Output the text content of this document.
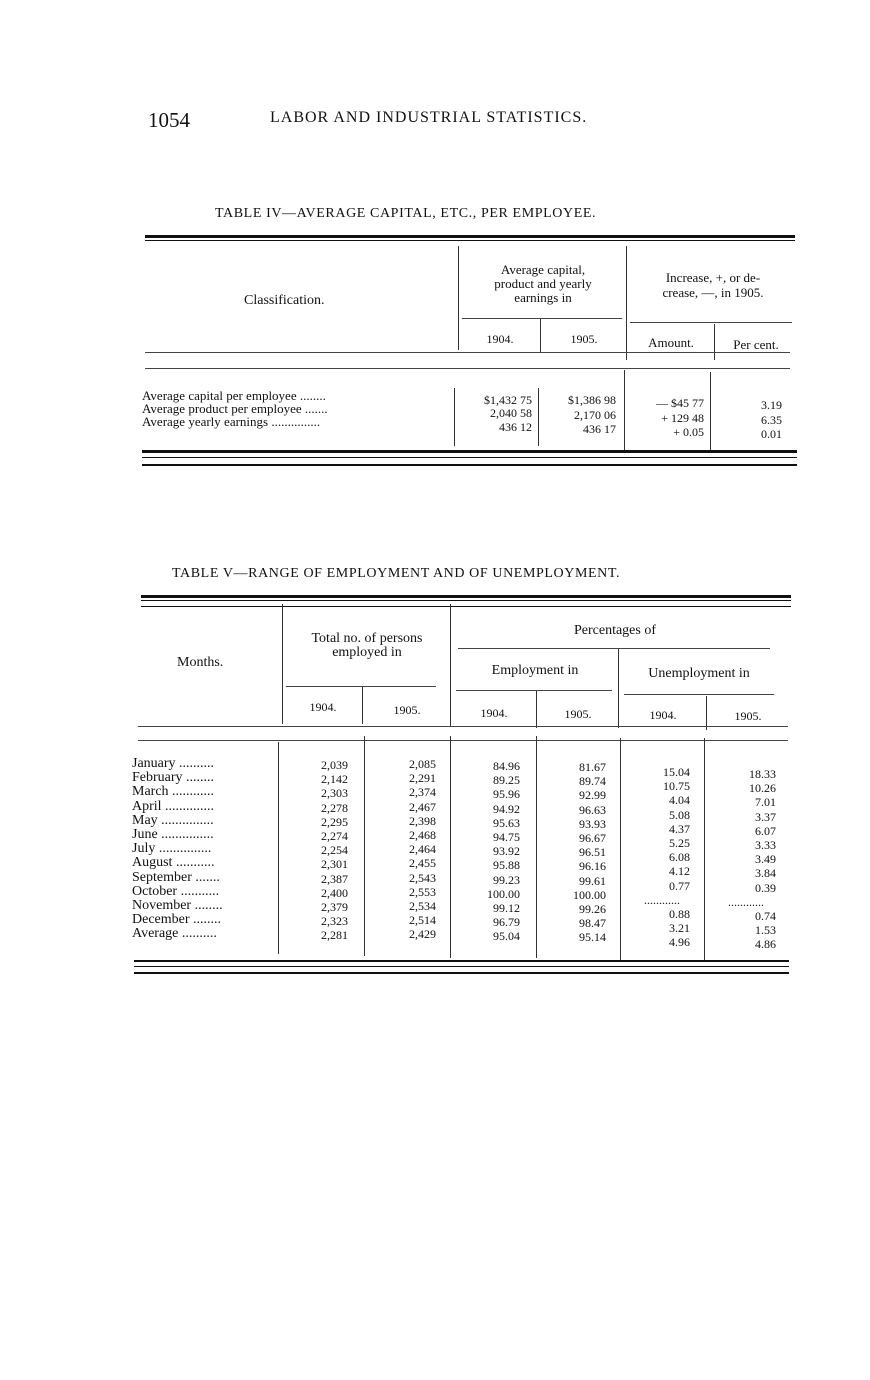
1054	LABOR AND INDUSTRIAL STATISTICS.
TABLE IV—AVERAGE CAPITAL, ETC., PER EMPLOYEE.
Classification.
Average capital,
product and yearly
earnings in
Increase, +, or de-
crease, —, in 1905.
1904.	1905.	Amount.	Per cent.
Average capital per employee ........	$1,432 75	$1,386 98	— $45 77	3.19
Average product per employee .......	2,040 58	2,170 06	+ 129 48	6.35
Average yearly earnings ...............	436 12	436 17	+ 0.05	0.01
TABLE V—RANGE OF EMPLOYMENT AND OF UNEMPLOYMENT.
Months.
Total no. of persons
employed in
Percentages of
Employment in	Unemployment in
1904.	1905.	1904.	1905.	1904.	1905.
January ..........	2,039	2,085	84.96	81.67	15.04	18.33
February ........	2,142	2,291	89.25	89.74	10.75	10.26
March ............	2,303	2,374	95.96	92.99	4.04	7.01
April ..............	2,278	2,467	94.92	96.63	5.08	3.37
May ...............	2,295	2,398	95.63	93.93	4.37	6.07
June ...............	2,274	2,468	94.75	96.67	5.25	3.33
July ...............	2,254	2,464	93.92	96.51	6.08	3.49
August ...........	2,301	2,455	95.88	96.16	4.12	3.84
September .......	2,387	2,543	99.23	99.61	0.77	0.39
October ...........	2,400	2,553	100.00	100.00	............	............
November ........	2,379	2,534	99.12	99.26	0.88	0.74
December ........	2,323	2,514	96.79	98.47	3.21	1.53
Average ..........	2,281	2,429	95.04	95.14	4.96	4.86
